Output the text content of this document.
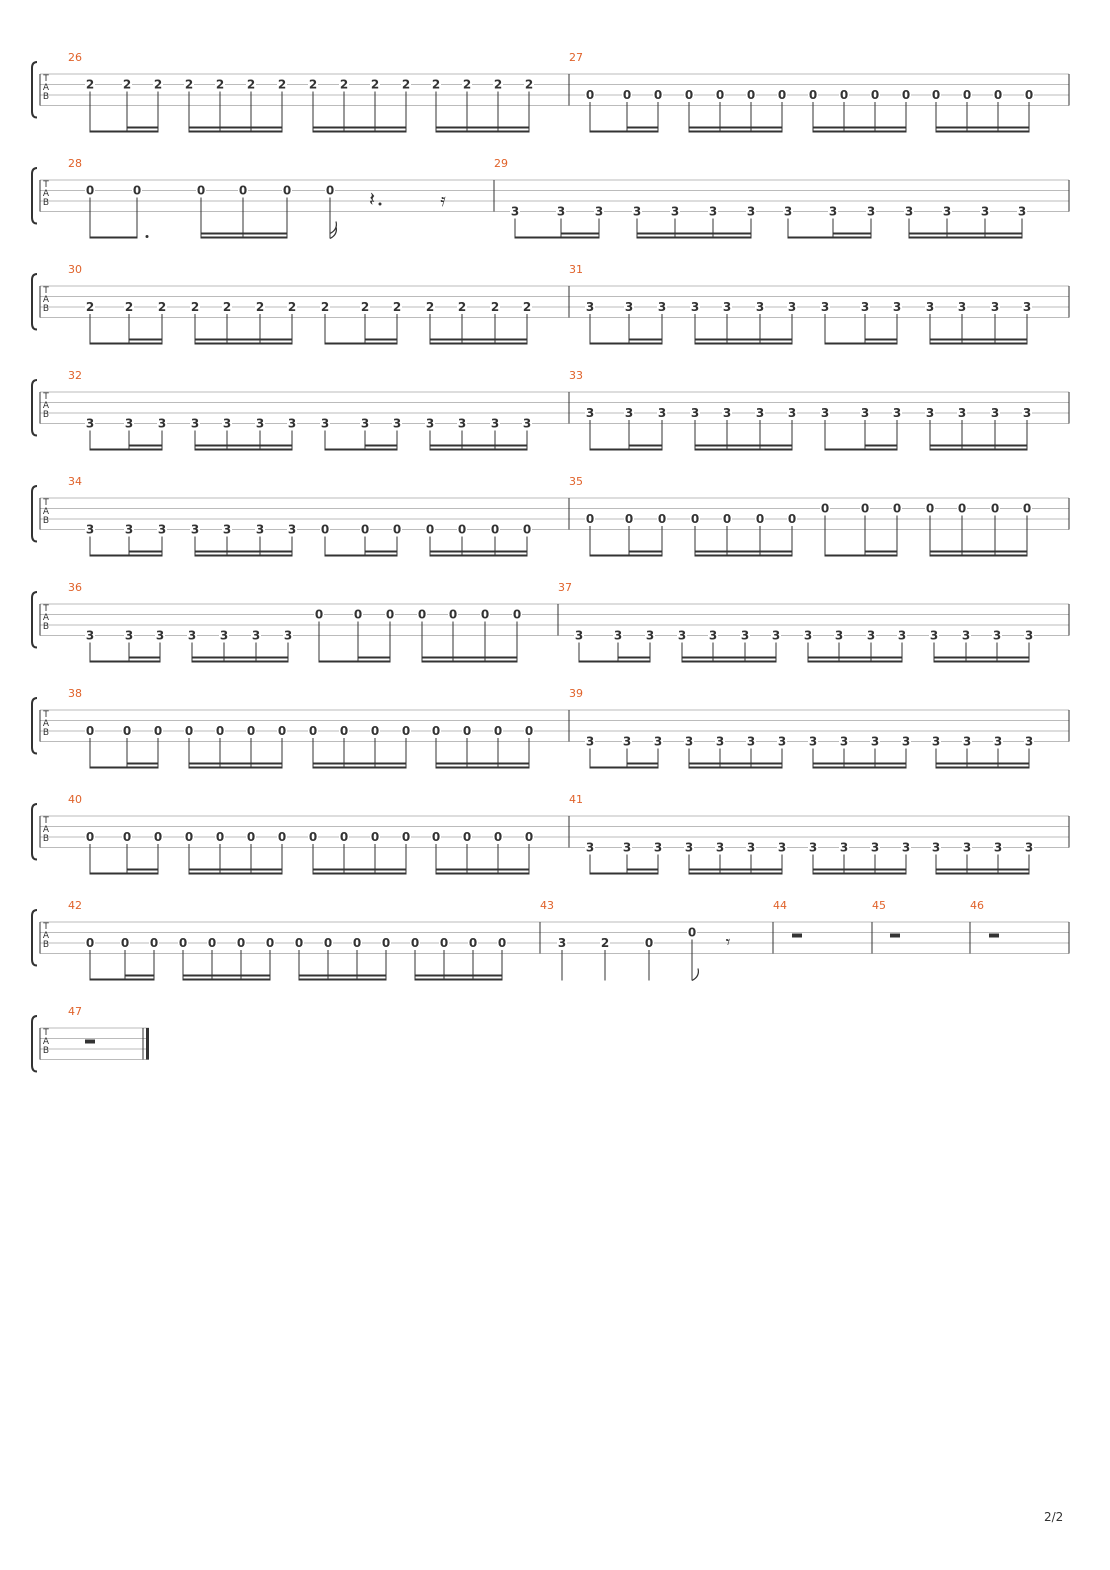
T
A
B
26
2 2 2 2 2 2 2 2 2 2 2 2 2 2 2
27
0 0 0 0 0 0 0 0 0 0 0 0 0 0 0
T
A
B
28
0	0	0	0	0	0 𝄽	𝄿
29
3	3 3 3 3 3 3 3	3 3 3 3 3 3
T
A
B
30
2	2 2 2 2 2 2 2	2 2 2 2 2 2
31
3	3 3 3 3 3 3 3	3 3 3 3 3 3
T
A
B
32
3	3 3 3 3 3 3 3	3 3 3 3 3 3
33
3	3 3 3 3 3 3 3	3 3 3 3 3 3
T
A
B
34
3	3 3 3 3 3 3 0	0 0 0 0 0 0
35
0	0 0 0 0 0 0
0	0 0 0 0 0 0
T
A
B
36
3	3 3 3 3 3 3
0	0 0 0 0 0 0
37
3	3 3 3 3 3 3 3 3 3 3 3 3 3 3
T
A
B
38
0 0 0 0 0 0 0 0 0 0 0 0 0 0 0
39
3 3 3 3 3 3 3 3 3 3 3 3 3 3 3
T
A
B
40
0 0 0 0 0 0 0 0 0 0 0 0 0 0 0
41
3 3 3 3 3 3 3 3 3 3 3 3 3 3 3
T
A
B
42
0 0 0 0 0 0 0 0 0 0 0 0 0 0 0
43
3	2	0
0 𝄾
44	45	46
T
A
B
47
2/2
